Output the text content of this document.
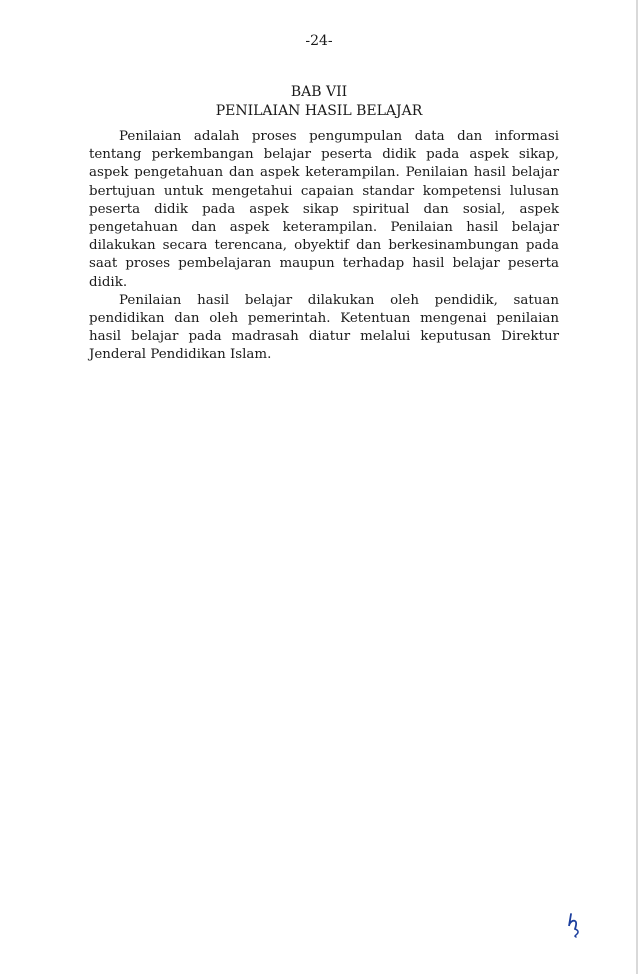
-24-
BAB VII
PENILAIAN HASIL BELAJAR

Penilaian adalah proses pengumpulan data dan informasi tentang perkembangan belajar peserta didik pada aspek sikap, aspek pengetahuan dan aspek keterampilan. Penilaian hasil belajar bertujuan untuk mengetahui capaian standar kompetensi lulusan peserta didik pada aspek sikap spiritual dan sosial, aspek pengetahuan dan aspek keterampilan. Penilaian hasil belajar dilakukan secara terencana, obyektif dan berkesinambungan pada saat proses pembelajaran maupun terhadap hasil belajar peserta didik.

Penilaian hasil belajar dilakukan oleh pendidik, satuan pendidikan dan oleh pemerintah. Ketentuan mengenai penilaian hasil belajar pada madrasah diatur melalui keputusan Direktur Jenderal Pendidikan Islam.
